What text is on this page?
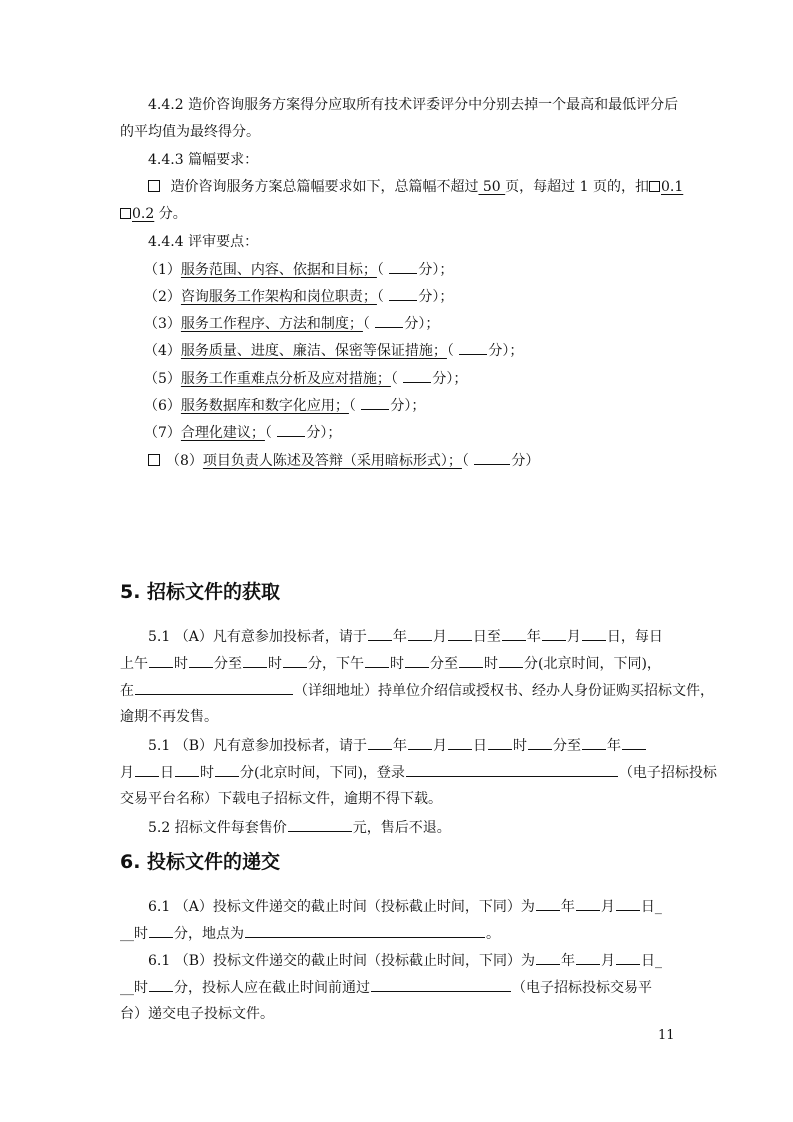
4.4.2 造价咨询服务方案得分应取所有技术评委评分中分别去掉一个最高和最低评分后
的平均值为最终得分。
4.4.3 篇幅要求：
造价咨询服务方案总篇幅要求如下，总篇幅不超过 50 页，每超过 1 页的，扣 0.1
0.2 分。
4.4.4 评审要点：
（1）服务范围、内容、依据和目标；（ 分）；
（2）咨询服务工作架构和岗位职责；（ 分）；
（3）服务工作程序、方法和制度；（ 分）；
（4）服务质量、进度、廉洁、保密等保证措施；（ 分）；
（5）服务工作重难点分析及应对措施；（ 分）；
（6）服务数据库和数字化应用；（ 分）；
（7）合理化建议；（ 分）；
（8）项目负责人陈述及答辩（采用暗标形式）；（	分）
5. 招标文件的获取
5.1 （A）凡有意参加投标者，请于 年 月 日至 年 月 日，每日
上午 时 分至 时 分，下午 时 分至 时 分(北京时间，下同)，
在	（详细地址）持单位介绍信或授权书、经办人身份证购买招标文件，
逾期不再发售。
5.1 （B）凡有意参加投标者，请于 年 月 日 时 分至 年
月 日 时 分(北京时间，下同)，登录	（电子招标投标
交易平台名称）下载电子招标文件，逾期不得下载。
5.2 招标文件每套售价	元，售后不退。
6. 投标文件的递交
6.1 （A）投标文件递交的截止时间（投标截止时间，下同）为 年 月 日_
__时 分，地点为	。
6.1 （B）投标文件递交的截止时间（投标截止时间，下同）为 年 月 日_
__时 分，投标人应在截止时间前通过	（电子招标投标交易平
台）递交电子投标文件。
11
